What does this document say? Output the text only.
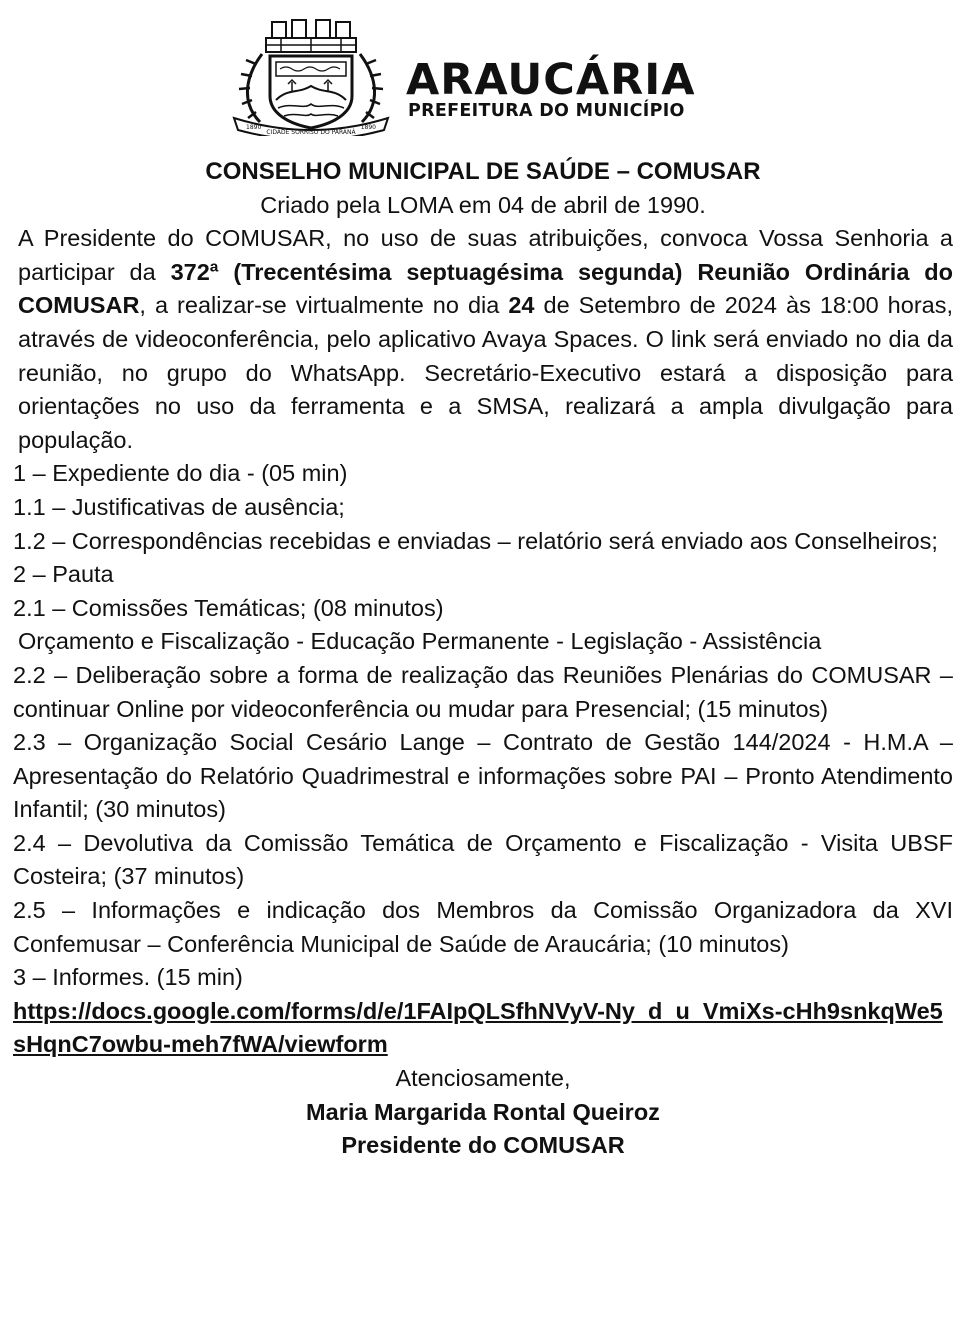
1890
CIDADE SORRISO DO PARANÁ
1890
ARAUCÁRIA
PREFEITURA DO MUNICÍPIO
CONSELHO MUNICIPAL DE SAÚDE – COMUSAR
Criado pela LOMA em 04 de abril de 1990.
A Presidente do COMUSAR, no uso de suas atribuições, convoca Vossa Senhoria a participar da 372ª (Trecentésima septuagésima segunda) Reunião Ordinária do COMUSAR, a realizar-se virtualmente no dia 24 de Setembro de 2024 às 18:00 horas, através de videoconferência, pelo aplicativo Avaya Spaces. O link será enviado no dia da reunião, no grupo do WhatsApp. Secretário-Executivo estará a disposição para orientações no uso da ferramenta e a SMSA, realizará a ampla divulgação para população.
1 – Expediente do dia - (05 min)
1.1 – Justificativas de ausência;
1.2 – Correspondências recebidas e enviadas – relatório será enviado aos Conselheiros;
2 – Pauta
2.1 – Comissões Temáticas; (08 minutos)
Orçamento e Fiscalização - Educação Permanente - Legislação - Assistência
2.2 – Deliberação sobre a forma de realização das Reuniões Plenárias do COMUSAR – continuar Online por videoconferência ou mudar para Presencial; (15 minutos)
2.3 – Organização Social Cesário Lange – Contrato de Gestão 144/2024 - H.M.A – Apresentação do Relatório Quadrimestral e informações sobre PAI – Pronto Atendimento Infantil; (30 minutos)
2.4 – Devolutiva da Comissão Temática de Orçamento e Fiscalização - Visita UBSF Costeira; (37 minutos)
2.5 – Informações e indicação dos Membros da Comissão Organizadora da XVI Confemusar – Conferência Municipal de Saúde de Araucária; (10 minutos)
3 – Informes. (15 min)
https://docs.google.com/forms/d/e/1FAIpQLSfhNVyV-Ny_d_u_VmiXs-cHh9snkqWe5sHqnC7owbu-meh7fWA/viewform
Atenciosamente,
Maria Margarida Rontal Queiroz
Presidente do COMUSAR
